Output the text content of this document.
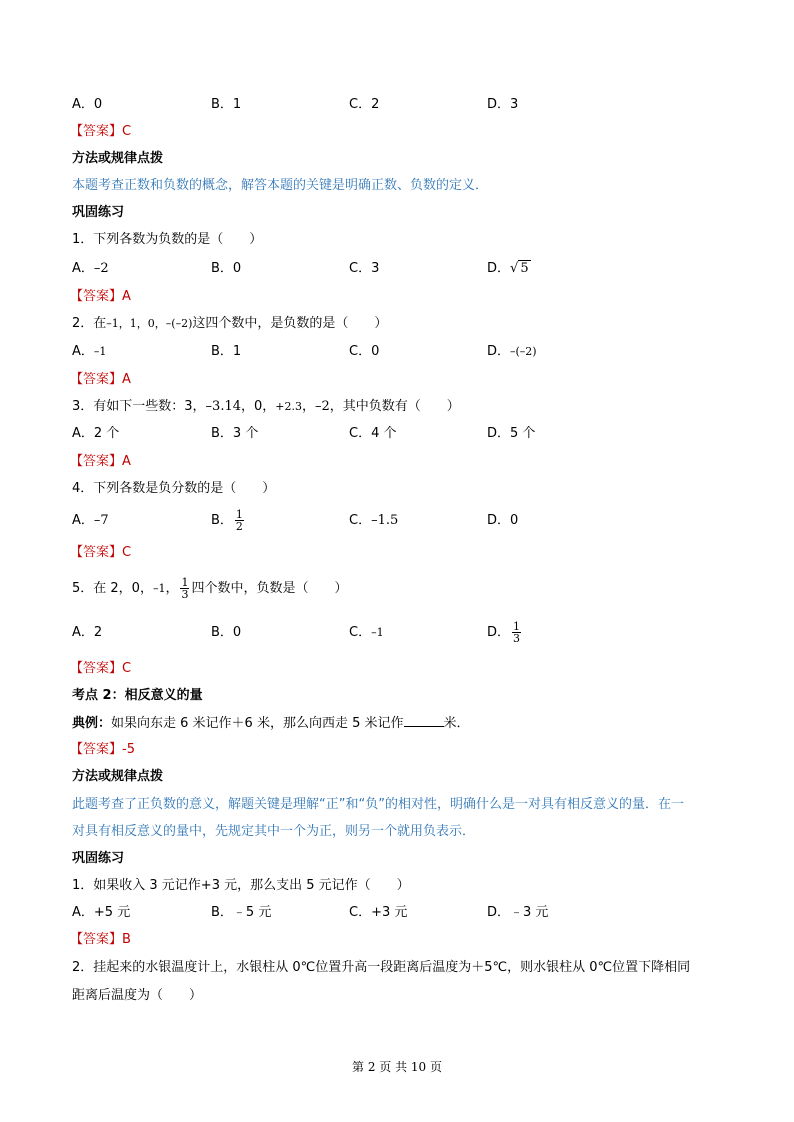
A．0	B．1	C．2	D．3
【答案】C
方法或规律点拨
本题考查正数和负数的概念，解答本题的关键是明确正数、负数的定义．
巩固练习
1．下列各数为负数的是（　　）
A．–2	B．0	C．3	D．√ 5
【答案】A
2．在–1，1，0，–(–2)这四个数中，是负数的是（　　）
A．–1	B．1	C．0	D．–(–2)
【答案】A
3．有如下一些数：3，–3.14，0，+2.3，–2，其中负数有（　　）
A．2 个	B．3 个	C．4 个	D．5 个
【答案】A
4．下列各数是负分数的是（　　）
A．–7	B． $\frac{1}{2}$	C．–1.5	D．0
【答案】C
5．在 2，0，–1， $\frac{1}{3}$ 四个数中，负数是（　　）
A．2	B．0	C．–1	D． $\frac{1}{3}$
【答案】C
考点 2：相反意义的量
典例：如果向东走 6 米记作＋6 米，那么向西走 5 米记作	米．
【答案】-5
方法或规律点拨
此题考查了正负数的意义，解题关键是理解“正”和“负”的相对性，明确什么是一对具有相反意义的量．在一
对具有相反意义的量中，先规定其中一个为正，则另一个就用负表示．
巩固练习
1．如果收入 3 元记作+3 元，那么支出 5 元记作（　　）
A．+5 元	B．﹣5 元	C．+3 元	D．﹣3 元
【答案】B
2．挂起来的水银温度计上，水银柱从 0℃位置升高一段距离后温度为＋5℃，则水银柱从 0℃位置下降相同
距离后温度为（　　）
第 2 页 共 10 页
